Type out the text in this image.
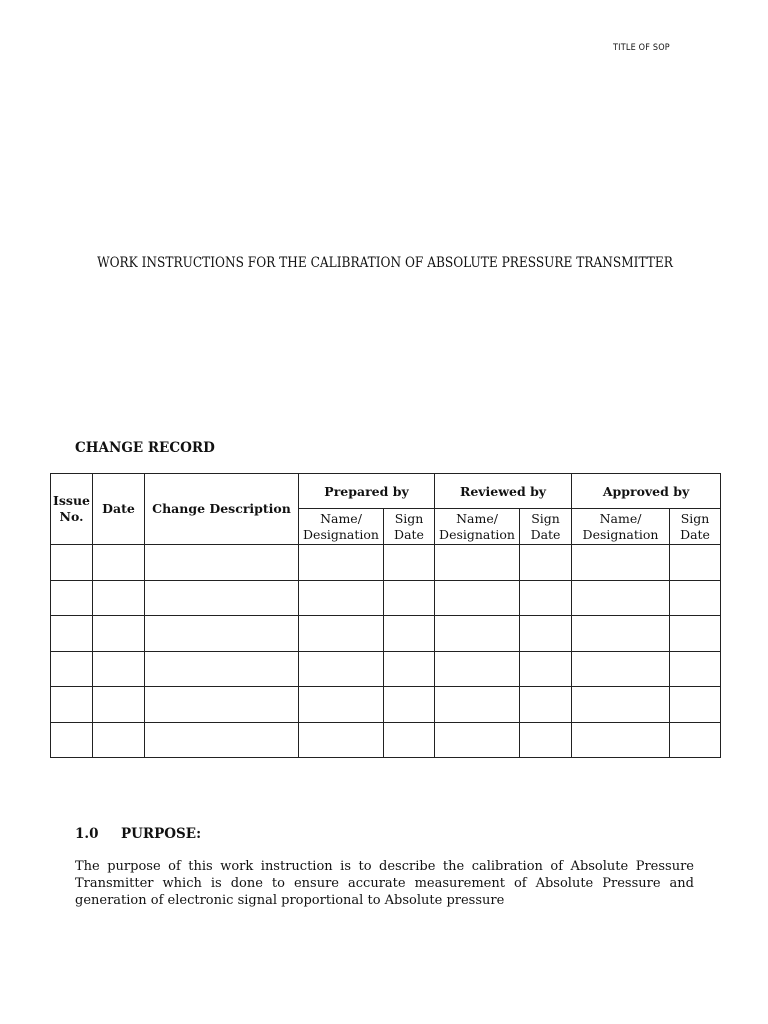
TITLE OF SOP
WORK INSTRUCTIONS FOR THE CALIBRATION OF ABSOLUTE PRESSURE TRANSMITTER
CHANGE RECORD
Issue No.	Date	Change Description	Prepared by		Reviewed by		Approved by	
			Name/ Designation	Sign Date	Name/ Designation	Sign Date	Name/ Designation	Sign Date

1.0 PURPOSE:
The purpose of this work instruction is to describe the calibration of Absolute Pressure Transmitter which is done to ensure accurate measurement of Absolute Pressure and generation of electronic signal proportional to Absolute pressure
